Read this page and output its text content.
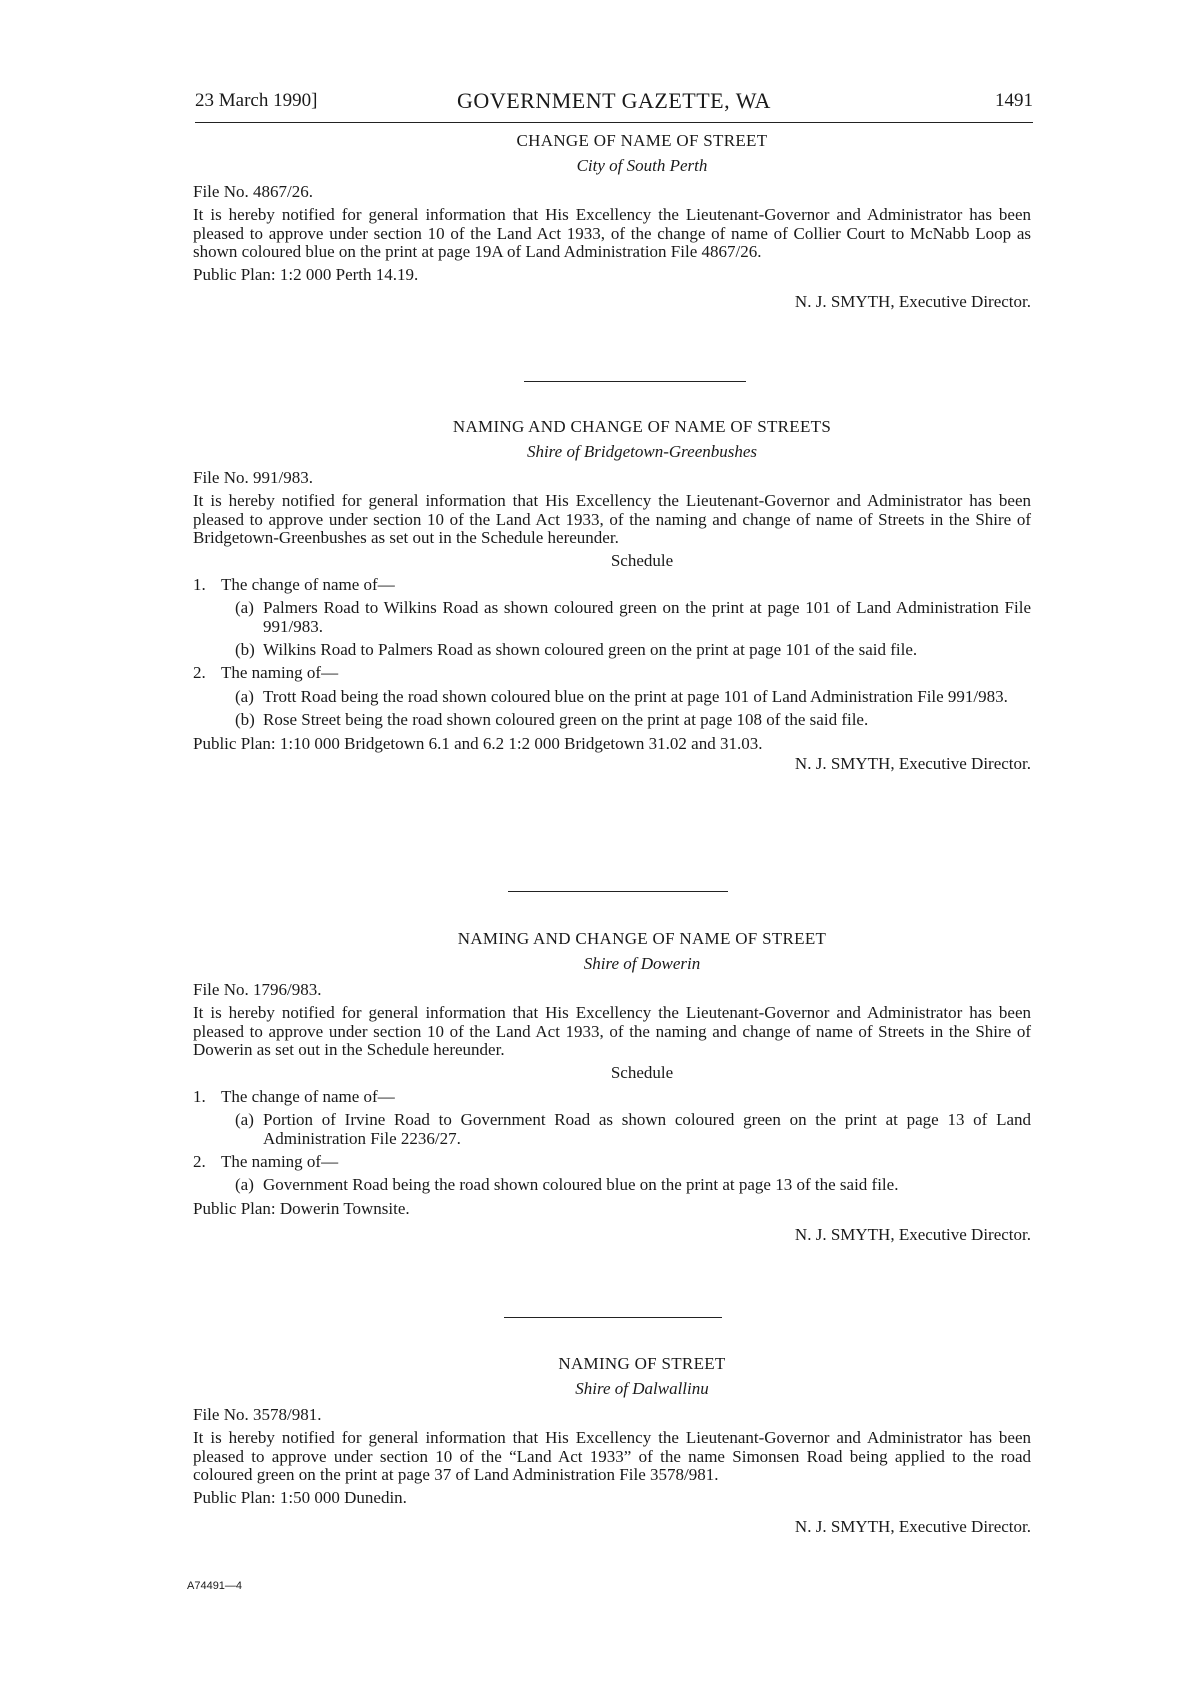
23 March 1990]	GOVERNMENT GAZETTE, WA	1491
CHANGE OF NAME OF STREET
City of South Perth
File No. 4867/26.
It is hereby notified for general information that His Excellency the Lieutenant-Governor and Administrator has been pleased to approve under section 10 of the Land Act 1933, of the change of name of Collier Court to McNabb Loop as shown coloured blue on the print at page 19A of Land Administration File 4867/26.
Public Plan: 1:2 000 Perth 14.19.
N. J. SMYTH, Executive Director.
NAMING AND CHANGE OF NAME OF STREETS
Shire of Bridgetown-Greenbushes
File No. 991/983.
It is hereby notified for general information that His Excellency the Lieutenant-Governor and Administrator has been pleased to approve under section 10 of the Land Act 1933, of the naming and change of name of Streets in the Shire of Bridgetown-Greenbushes as set out in the Schedule hereunder.
Schedule
1. The change of name of—
(a) Palmers Road to Wilkins Road as shown coloured green on the print at page 101 of Land Administration File 991/983.
(b) Wilkins Road to Palmers Road as shown coloured green on the print at page 101 of the said file.
2. The naming of—
(a) Trott Road being the road shown coloured blue on the print at page 101 of Land Administration File 991/983.
(b) Rose Street being the road shown coloured green on the print at page 108 of the said file.
Public Plan: 1:10 000 Bridgetown 6.1 and 6.2 1:2 000 Bridgetown 31.02 and 31.03.
N. J. SMYTH, Executive Director.
NAMING AND CHANGE OF NAME OF STREET
Shire of Dowerin
File No. 1796/983.
It is hereby notified for general information that His Excellency the Lieutenant-Governor and Administrator has been pleased to approve under section 10 of the Land Act 1933, of the naming and change of name of Streets in the Shire of Dowerin as set out in the Schedule hereunder.
Schedule
1. The change of name of—
(a) Portion of Irvine Road to Government Road as shown coloured green on the print at page 13 of Land Administration File 2236/27.
2. The naming of—
(a) Government Road being the road shown coloured blue on the print at page 13 of the said file.
Public Plan: Dowerin Townsite.
N. J. SMYTH, Executive Director.
NAMING OF STREET
Shire of Dalwallinu
File No. 3578/981.
It is hereby notified for general information that His Excellency the Lieutenant-Governor and Administrator has been pleased to approve under section 10 of the “Land Act 1933” of the name Simonsen Road being applied to the road coloured green on the print at page 37 of Land Administration File 3578/981.
Public Plan: 1:50 000 Dunedin.
N. J. SMYTH, Executive Director.
A74491—4
